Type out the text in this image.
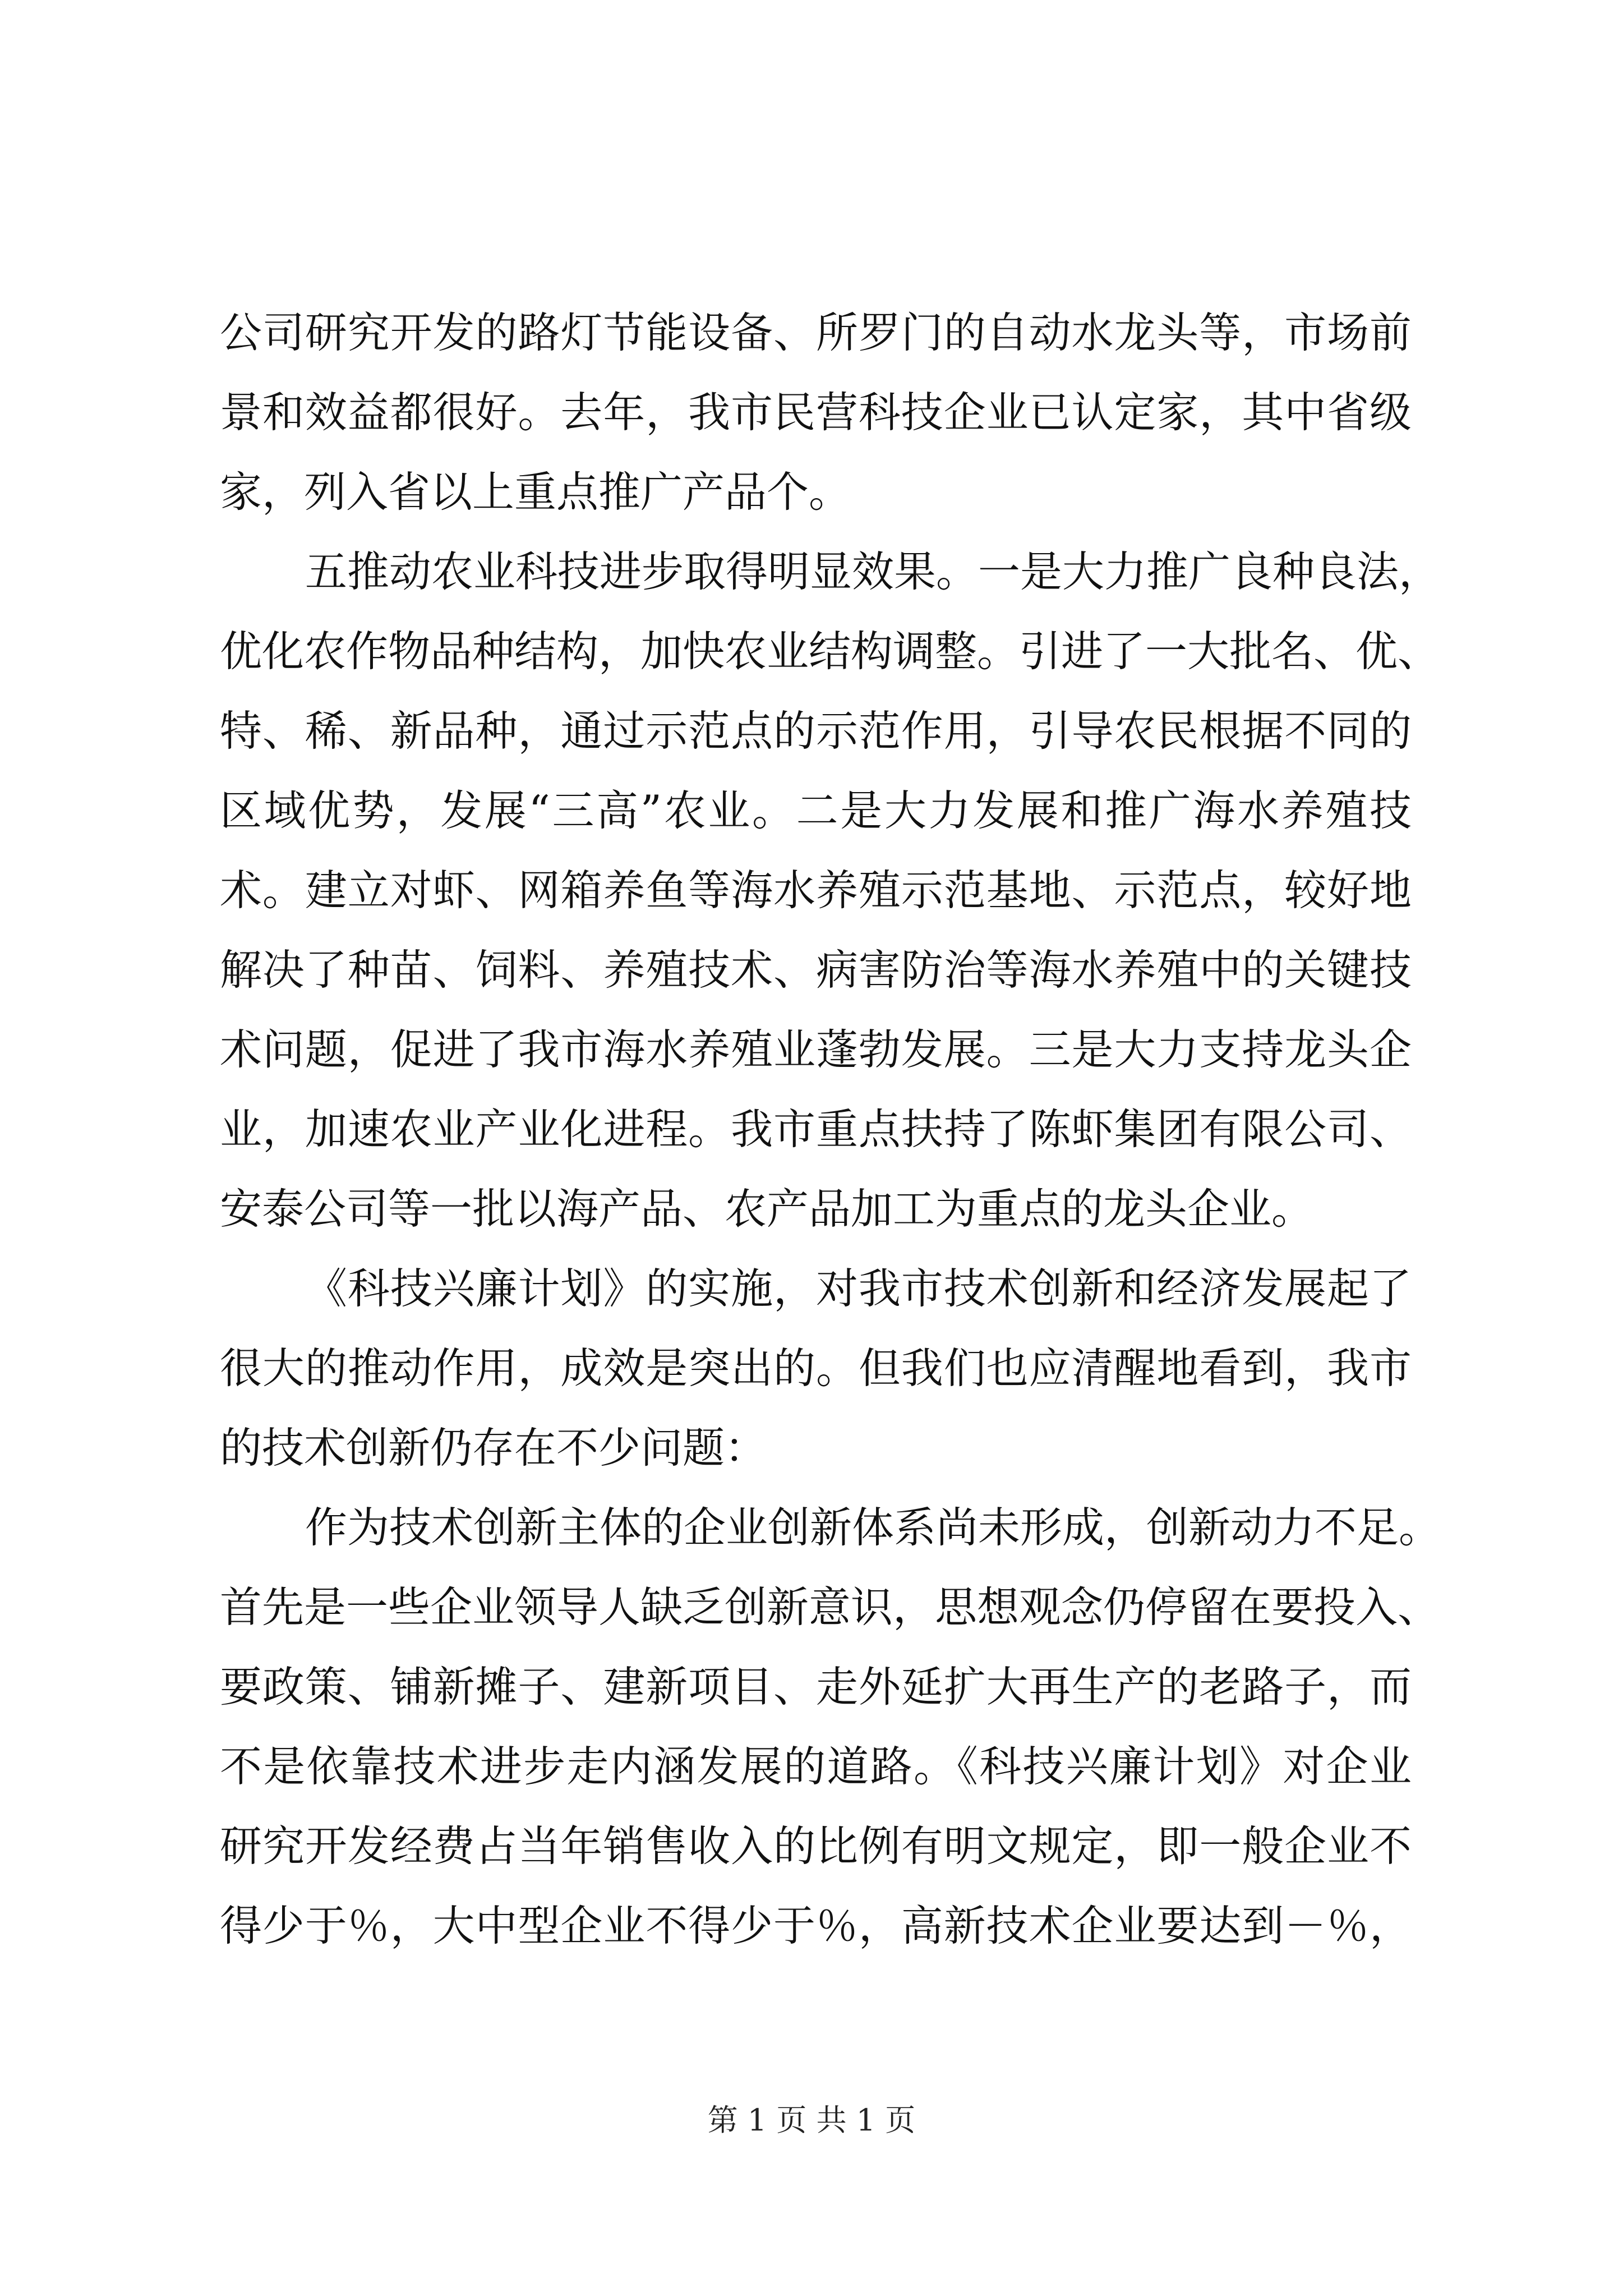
公司研究开发的路灯节能设备、所罗门的自动水龙头等，市场前
景和效益都很好。去年，我市民营科技企业已认定家，其中省级
家，列入省以上重点推广产品个。
五推动农业科技进步取得明显效果。一是大力推广良种良法，
优化农作物品种结构，加快农业结构调整。引进了一大批名、优、
特、稀、新品种，通过示范点的示范作用，引导农民根据不同的
区域优势，发展“三高”农业。二是大力发展和推广海水养殖技
术。建立对虾、网箱养鱼等海水养殖示范基地、示范点，较好地
解决了种苗、饲料、养殖技术、病害防治等海水养殖中的关键技
术问题，促进了我市海水养殖业蓬勃发展。三是大力支持龙头企
业，加速农业产业化进程。我市重点扶持了陈虾集团有限公司、
安泰公司等一批以海产品、农产品加工为重点的龙头企业。
《科技兴廉计划》的实施，对我市技术创新和经济发展起了
很大的推动作用，成效是突出的。但我们也应清醒地看到，我市
的技术创新仍存在不少问题：
作为技术创新主体的企业创新体系尚未形成，创新动力不足。
首先是一些企业领导人缺乏创新意识，思想观念仍停留在要投入、
要政策、铺新摊子、建新项目、走外延扩大再生产的老路子，而
不是依靠技术进步走内涵发展的道路。《科技兴廉计划》对企业
研究开发经费占当年销售收入的比例有明文规定，即一般企业不
得少于％，大中型企业不得少于％，高新技术企业要达到－％，
第 1 页 共 1 页
